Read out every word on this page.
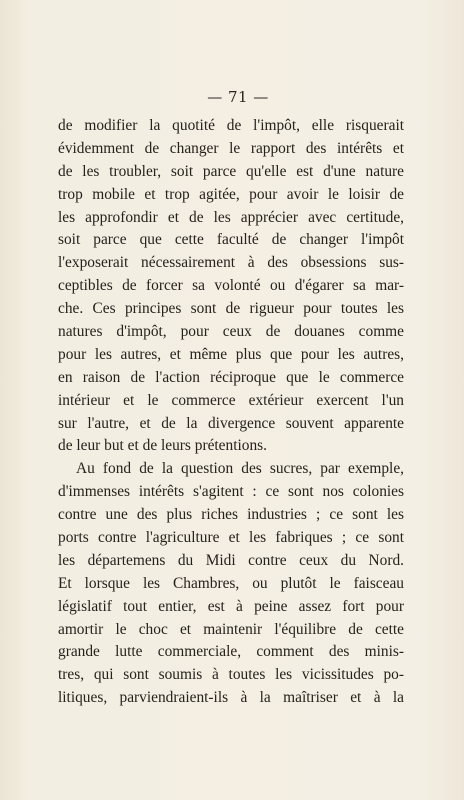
— 71 —
de modifier la quotité de l'impôt, elle risquerait
évidemment de changer le rapport des intérêts et
de les troubler, soit parce qu'elle est d'une nature
trop mobile et trop agitée, pour avoir le loisir de
les approfondir et de les apprécier avec certitude,
soit parce que cette faculté de changer l'impôt
l'exposerait nécessairement à des obsessions sus-
ceptibles de forcer sa volonté ou d'égarer sa mar-
che. Ces principes sont de rigueur pour toutes les
natures d'impôt, pour ceux de douanes comme
pour les autres, et même plus que pour les autres,
en raison de l'action réciproque que le commerce
intérieur et le commerce extérieur exercent l'un
sur l'autre, et de la divergence souvent apparente
de leur but et de leurs prétentions.
Au fond de la question des sucres, par exemple,
d'immenses intérêts s'agitent : ce sont nos colonies
contre une des plus riches industries ; ce sont les
ports contre l'agriculture et les fabriques ; ce sont
les départemens du Midi contre ceux du Nord.
Et lorsque les Chambres, ou plutôt le faisceau
législatif tout entier, est à peine assez fort pour
amortir le choc et maintenir l'équilibre de cette
grande lutte commerciale, comment des minis-
tres, qui sont soumis à toutes les vicissitudes po-
litiques, parviendraient-ils à la maîtriser et à la
